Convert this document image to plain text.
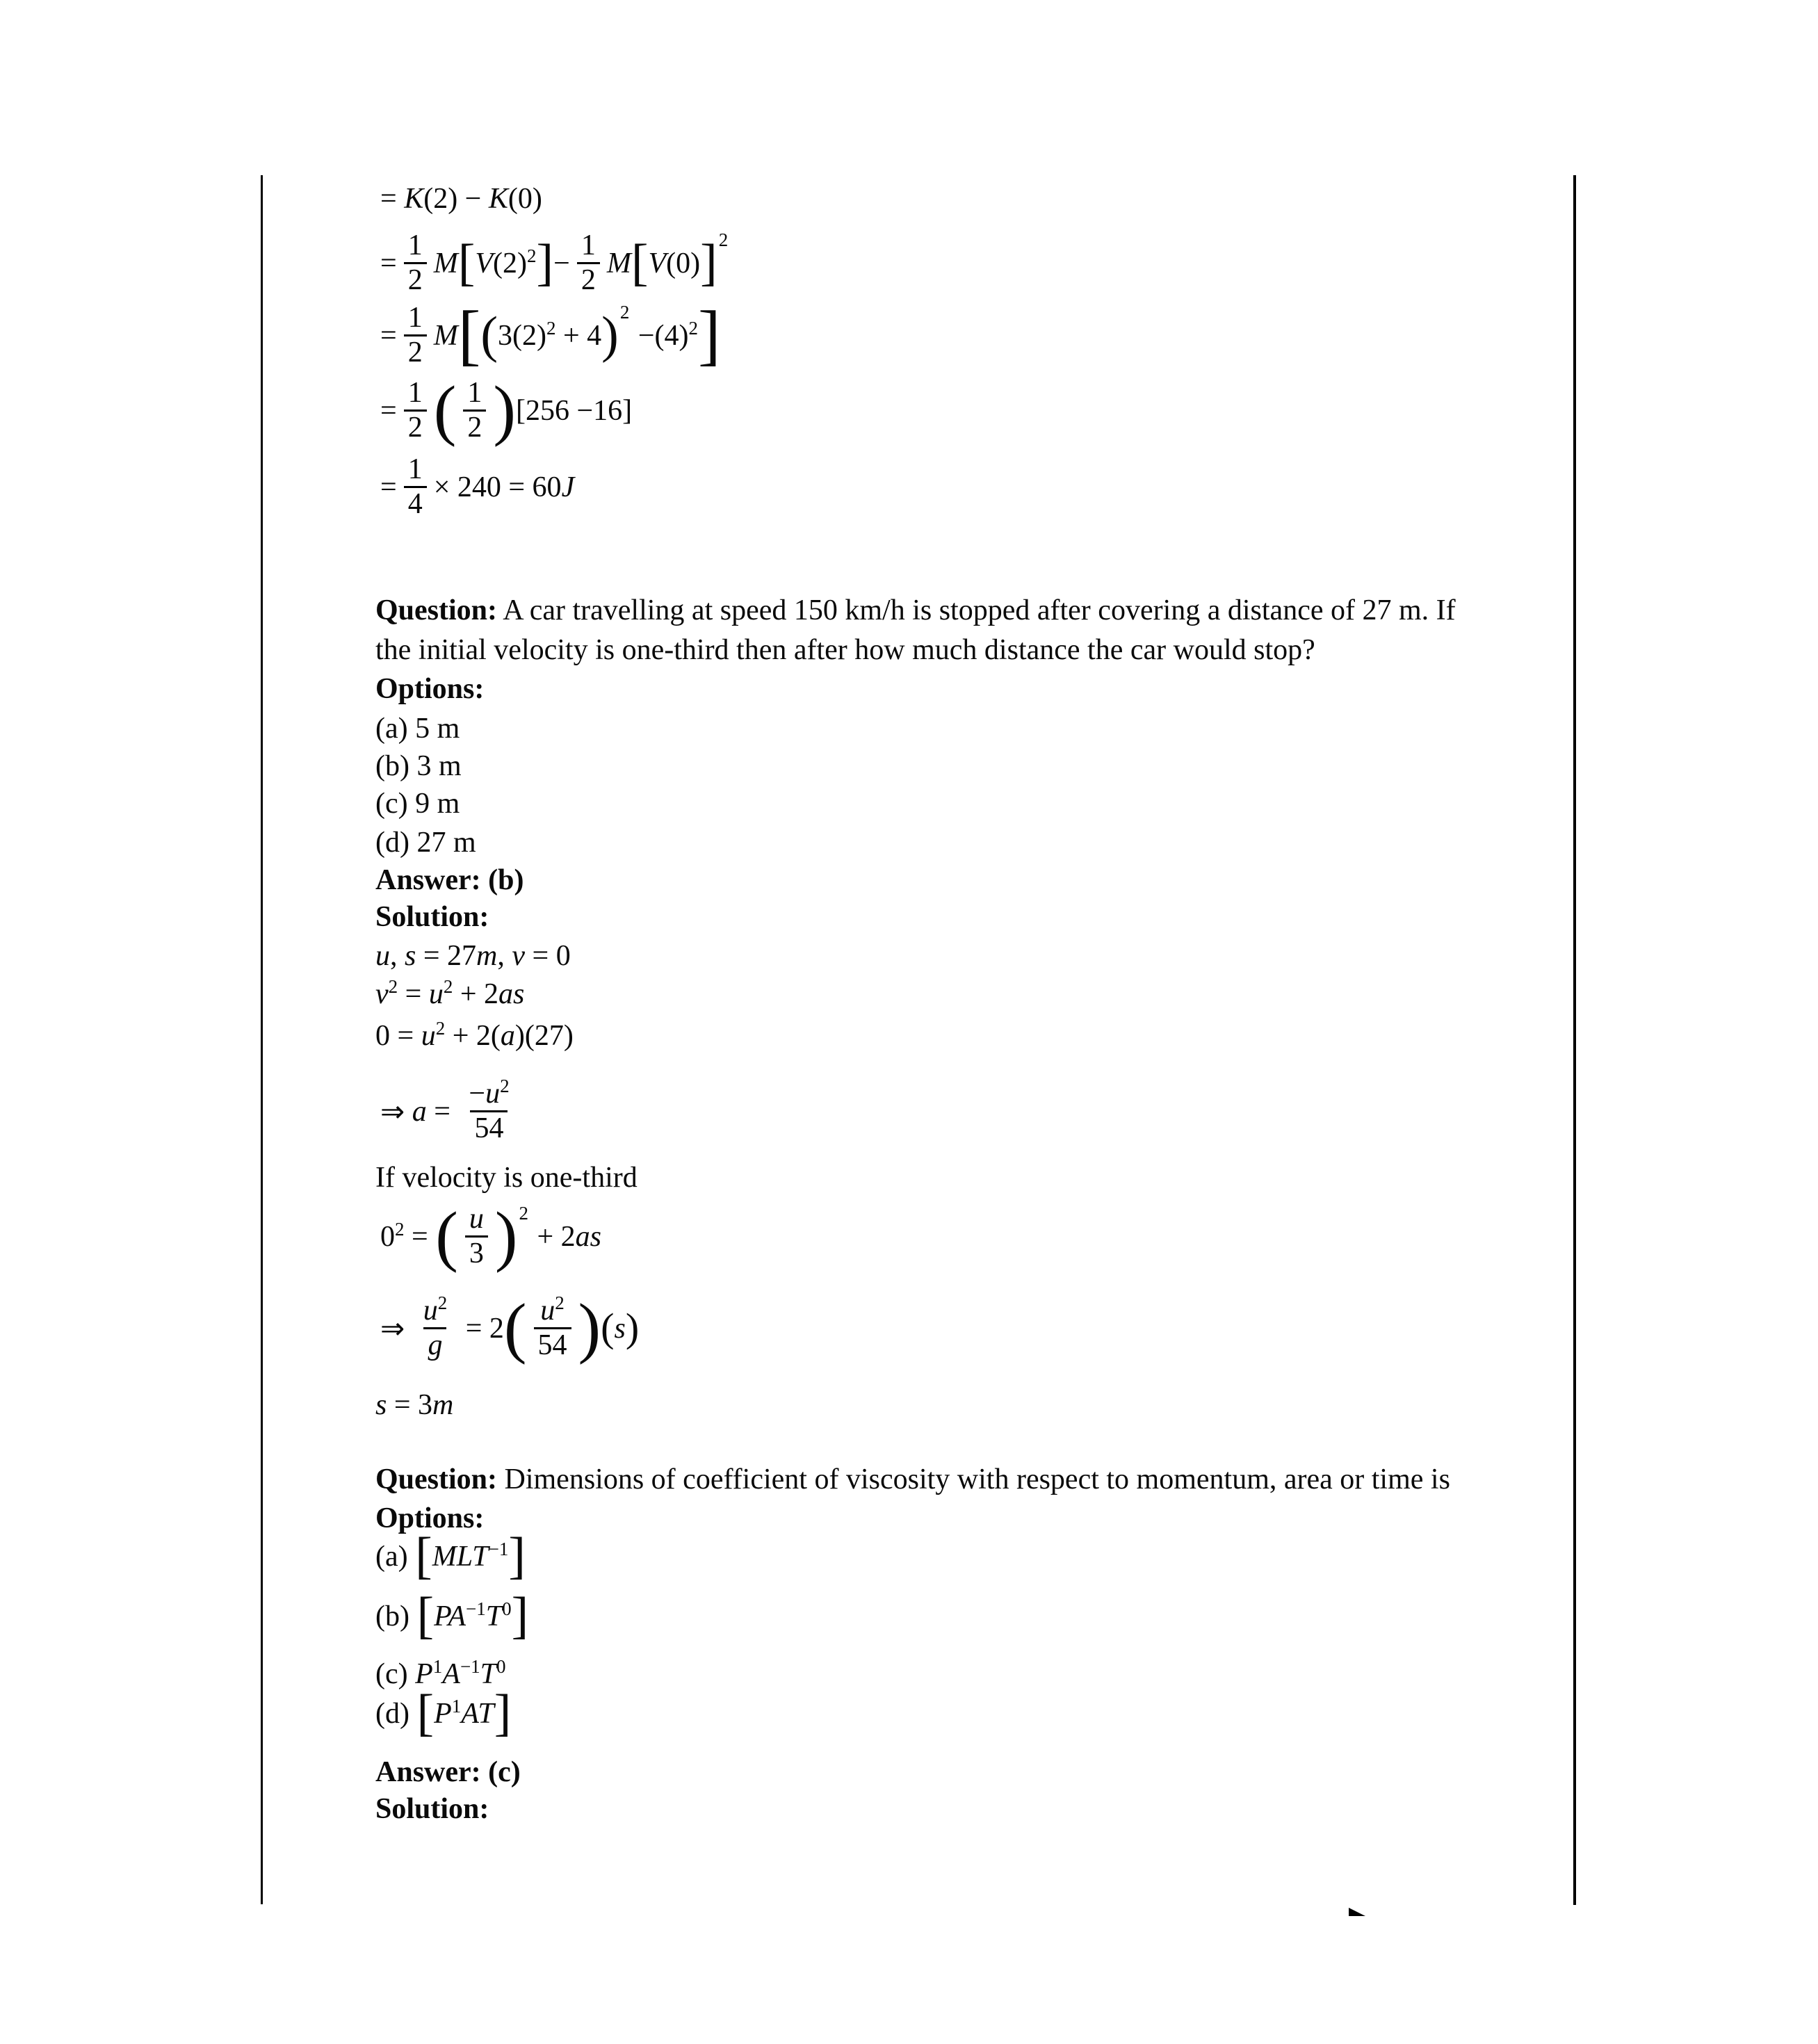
= K(2) − K(0)
= $\frac{1}{2}$ M [ $V(2)^2$ ] − $\frac{1}{2}$ M [ V(0) ] 2
= $\frac{1}{2}$ M [ ( $3(2)^2 + 4$ ) 2
$-(4)^2$ ]
= $\frac{1}{2}$ ( $\frac{1}{2}$ ) [256 −16]
= $\frac{1}{4} \times 240 = 60J$
Question: A car travelling at speed 150 km/h is stopped after covering a distance of 27 m. If
the initial velocity is one-third then after how much distance the car would stop?
Options:
(a) 5 m
(b) 3 m
(c) 9 m
(d) 27 m
Answer: (b)
Solution:
u, s = 27m, v = 0
$v^2 = u^2 + 2as$
$0 = u^2 + 2(a)(27)$
⇒ $a = \frac{-u^2}{54}$
If velocity is one-third
$0^2$ = ( $\frac{u}{3}$ ) 2
+ 2as
⇒ $\frac{u^2}{g} = 2$ ( $\frac{u^2}{54}$ ) ( s )
s = 3m
Question: Dimensions of coefficient of viscosity with respect to momentum, area or time is
Options:
(a) [ $MLT^{-1}$ ]
(b) [ $PA^{-1}T^0$ ]
(c) $P^1A^{-1}T^0$
(d) [ $P^1AT$ ]
Answer: (c)
Solution:
